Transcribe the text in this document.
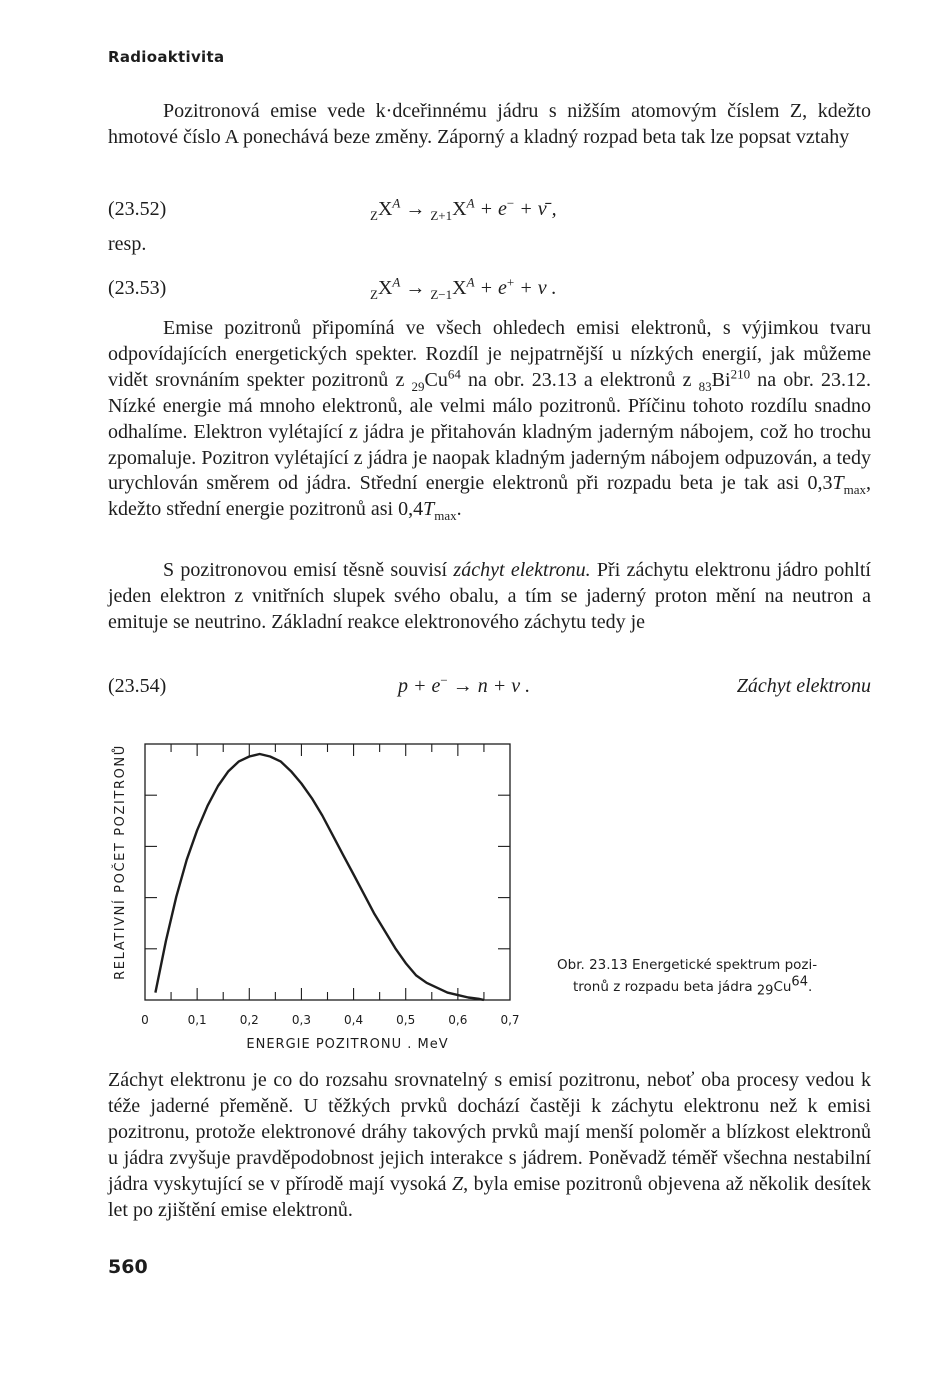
Radioaktivita

Pozitronová emise vede k·dceřinnému jádru s nižším atomovým číslem Z, kdežto hmotové číslo A ponechává beze změny. Záporný a kladný rozpad beta tak lze popsat vztahy

(23.52)	$_ZX^A \to _{Z+1}X^A + e^-$ + ν̄ ,

resp.

(23.53)	$_ZX^A \to _{Z-1}X^A + e^+ + \nu$ .

Emise pozitronů připomíná ve všech ohledech emisi elektronů, s výjimkou tvaru odpovídajících energetických spekter. Rozdíl je nejpatrnější u nízkých energií, jak můžeme vidět srovnáním spekter pozitronů z $_{29}Cu^{64}$ na obr. 23.13 a elektronů z $_{83}Bi^{210}$ na obr. 23.12. Nízké energie má mnoho elektronů, ale velmi málo pozitronů. Příčinu tohoto rozdílu snadno odhalíme. Elektron vylétající z jádra je přitahován kladným jaderným nábojem, což ho trochu zpomaluje. Pozitron vylétající z jádra je naopak kladným jaderným nábojem odpuzován, a tedy urychlován směrem od jádra. Střední energie elektronů při rozpadu beta je tak asi $0,3T_{max}$, kdežto střední energie pozitronů asi $0,4T_{max}$.

S pozitronovou emisí těsně souvisí záchyt elektronu. Při záchytu elektronu jádro pohltí jeden elektron z vnitřních slupek svého obalu, a tím se jaderný proton mění na neutron a emituje se neutrino. Základní reakce elektronového záchytu tedy je

(23.54)	p + e− → n + ν .	Záchyt elektronu
0	0,1	0,2	0,3	0,4	0,5	0,6	0,7
ENERGIE POZITRONU . MeV
RELATIVNÍ POČET POZITRONŮ	Obr. 23.13 Energetické spektrum pozi-
tronů z rozpadu beta jádra $_{29}Cu^{64}$.

Záchyt elektronu je co do rozsahu srovnatelný s emisí pozitronu, neboť oba procesy vedou k téže jaderné přeměně. U těžkých prvků dochází častěji k záchytu elektronu než k emisi pozitronu, protože elektronové dráhy takových prvků mají menší poloměr a blízkost elektronů u jádra zvyšuje pravděpodobnost jejich interakce s jádrem. Poněvadž téměř všechna nestabilní jádra vyskytující se v přírodě mají vysoká Z, byla emise pozitronů objevena až několik desítek let po zjištění emise elektronů.

560
